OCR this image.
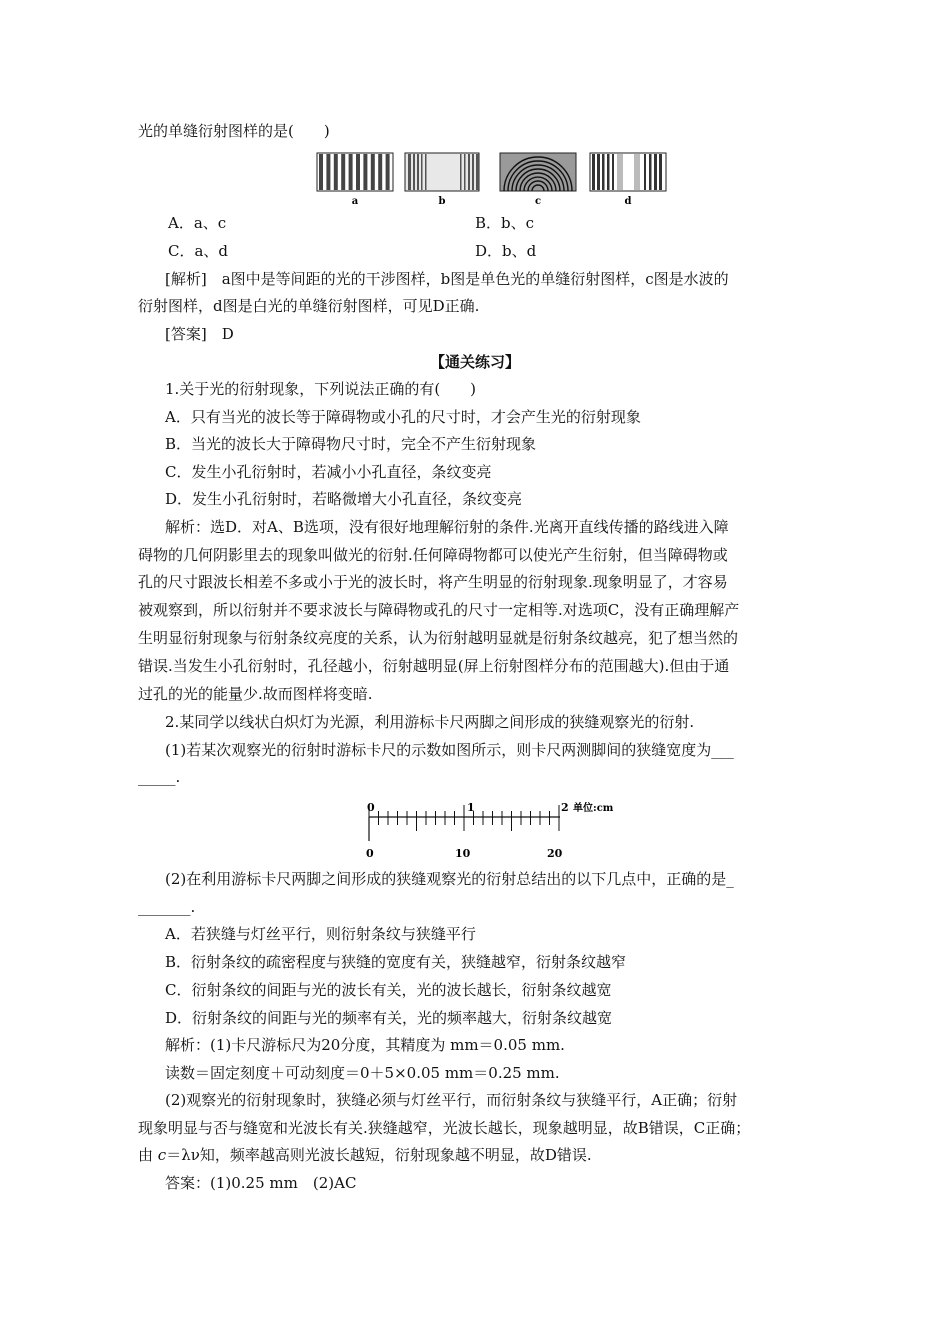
光的单缝衍射图样的是(　　)
a	b	c	d
A．a、c	B．b、c
C．a、d	D．b、d
[解析]　a图中是等间距的光的干涉图样，b图是单色光的单缝衍射图样，c图是水波的
衍射图样，d图是白光的单缝衍射图样，可见D正确.
[答案]　D
【通关练习】
1.关于光的衍射现象，下列说法正确的有(　　)
A．只有当光的波长等于障碍物或小孔的尺寸时，才会产生光的衍射现象
B．当光的波长大于障碍物尺寸时，完全不产生衍射现象
C．发生小孔衍射时，若减小小孔直径，条纹变亮
D．发生小孔衍射时，若略微增大小孔直径，条纹变亮
解析：选D．对A、B选项，没有很好地理解衍射的条件.光离开直线传播的路线进入障
碍物的几何阴影里去的现象叫做光的衍射.任何障碍物都可以使光产生衍射，但当障碍物或
孔的尺寸跟波长相差不多或小于光的波长时，将产生明显的衍射现象.现象明显了，才容易
被观察到，所以衍射并不要求波长与障碍物或孔的尺寸一定相等.对选项C，没有正确理解产
生明显衍射现象与衍射条纹亮度的关系，认为衍射越明显就是衍射条纹越亮，犯了想当然的
错误.当发生小孔衍射时，孔径越小，衍射越明显(屏上衍射图样分布的范围越大).但由于通
过孔的光的能量少.故而图样将变暗.
2.某同学以线状白炽灯为光源，利用游标卡尺两脚之间形成的狭缝观察光的衍射.
(1)若某次观察光的衍射时游标卡尺的示数如图所示，则卡尺两测脚间的狭缝宽度为___
_____.
0	1	2 单位:cm
0	10	20
(2)在利用游标卡尺两脚之间形成的狭缝观察光的衍射总结出的以下几点中，正确的是_
_______.
A．若狭缝与灯丝平行，则衍射条纹与狭缝平行
B．衍射条纹的疏密程度与狭缝的宽度有关，狭缝越窄，衍射条纹越窄
C．衍射条纹的间距与光的波长有关，光的波长越长，衍射条纹越宽
D．衍射条纹的间距与光的频率有关，光的频率越大，衍射条纹越宽
解析：(1)卡尺游标尺为20分度，其精度为 mm＝0.05 mm.
读数＝固定刻度＋可动刻度＝0＋5×0.05 mm＝0.25 mm.
(2)观察光的衍射现象时，狭缝必须与灯丝平行，而衍射条纹与狭缝平行，A正确；衍射
现象明显与否与缝宽和光波长有关.狭缝越窄，光波长越长，现象越明显，故B错误，C正确；
由 c＝λν知，频率越高则光波长越短，衍射现象越不明显，故D错误.
答案：(1)0.25 mm　(2)AC
